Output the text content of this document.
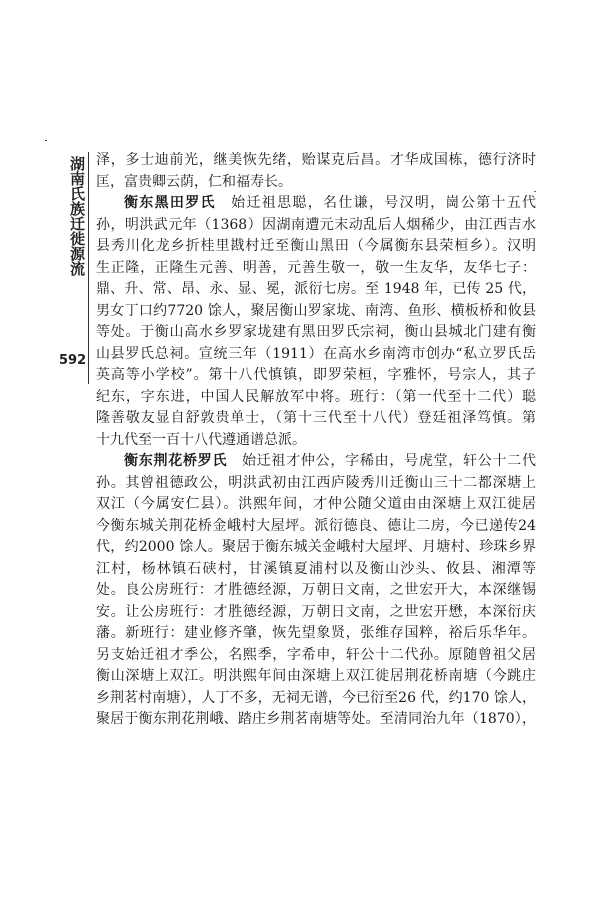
湖南氏族迁徙源流
592
泽，多士迪前光，继美恢先绪，贻谋克后昌。才华成国栋，德行济时
匡，富贵卿云荫，仁和福寿长。
衡东黑田罗氏　 始迁祖思聪，名仕谦，号汉明，崗公第十五代
孙，明洪武元年（1368）因湖南遭元末动乱后人烟稀少，由江西吉水
县秀川化龙乡折桂里戡村迁至衡山黑田（今属衡东县荣桓乡）。汉明
生正隆，正隆生元善、明善，元善生敬一，敬一生友华，友华七子：
鼎、升、常、昂、永、显、冕，派衍七房。至 1948 年，已传 25 代，
男女丁口约7720 馀人，聚居衡山罗家垅、南湾、鱼形、横板桥和攸县
等处。于衡山高水乡罗家垅建有黑田罗氏宗祠，衡山县城北门建有衡
山县罗氏总祠。宣统三年（1911）在高水乡南湾市创办“私立罗氏岳
英高等小学校”。第十八代慎镇，即罗荣桓，字雅怀，号宗人，其子
纪东，字东进，中国人民解放军中将。班行：（第一代至十二代）聪
隆善敬友显自舒敦贵单士，（第十三代至十八代）登廷祖泽笃慎。第
十九代至一百十八代遵通谱总派。
衡东荆花桥罗氏　 始迁祖才仲公，字稀由，号虎堂，轩公十二代
孙。其曾祖德政公，明洪武初由江西庐陵秀川迁衡山三十二都深塘上
双江（今属安仁县）。洪熙年间，才仲公随父道由由深塘上双江徙居
今衡东城关荆花桥金峨村大屋坪。派衍德良、德让二房，今已递传24
代，约2000 馀人。聚居于衡东城关金峨村大屋坪、月塘村、珍珠乡界
江村，杨林镇石硖村，甘溪镇夏浦村以及衡山沙头、攸县、湘潭等
处。良公房班行：才胜德经源，万朝日文南，之世宏开大，本深继锡
安。让公房班行：才胜德经源，万朝日文南，之世宏开懋，本深衍庆
藩。新班行：建业修齐肇，恢先望象贤，张维存国粹，裕后乐华年。
另支始迁祖才季公，名熙季，字希申，轩公十二代孙。原随曾祖父居
衡山深塘上双江。明洪熙年间由深塘上双江徙居荆花桥南塘（今跳庄
乡荆茗村南塘），人丁不多，无祠无谱，今已衍至26 代，约170 馀人，
聚居于衡东荆花荆峨、踏庄乡荆茗南塘等处。至清同治九年（1870），
